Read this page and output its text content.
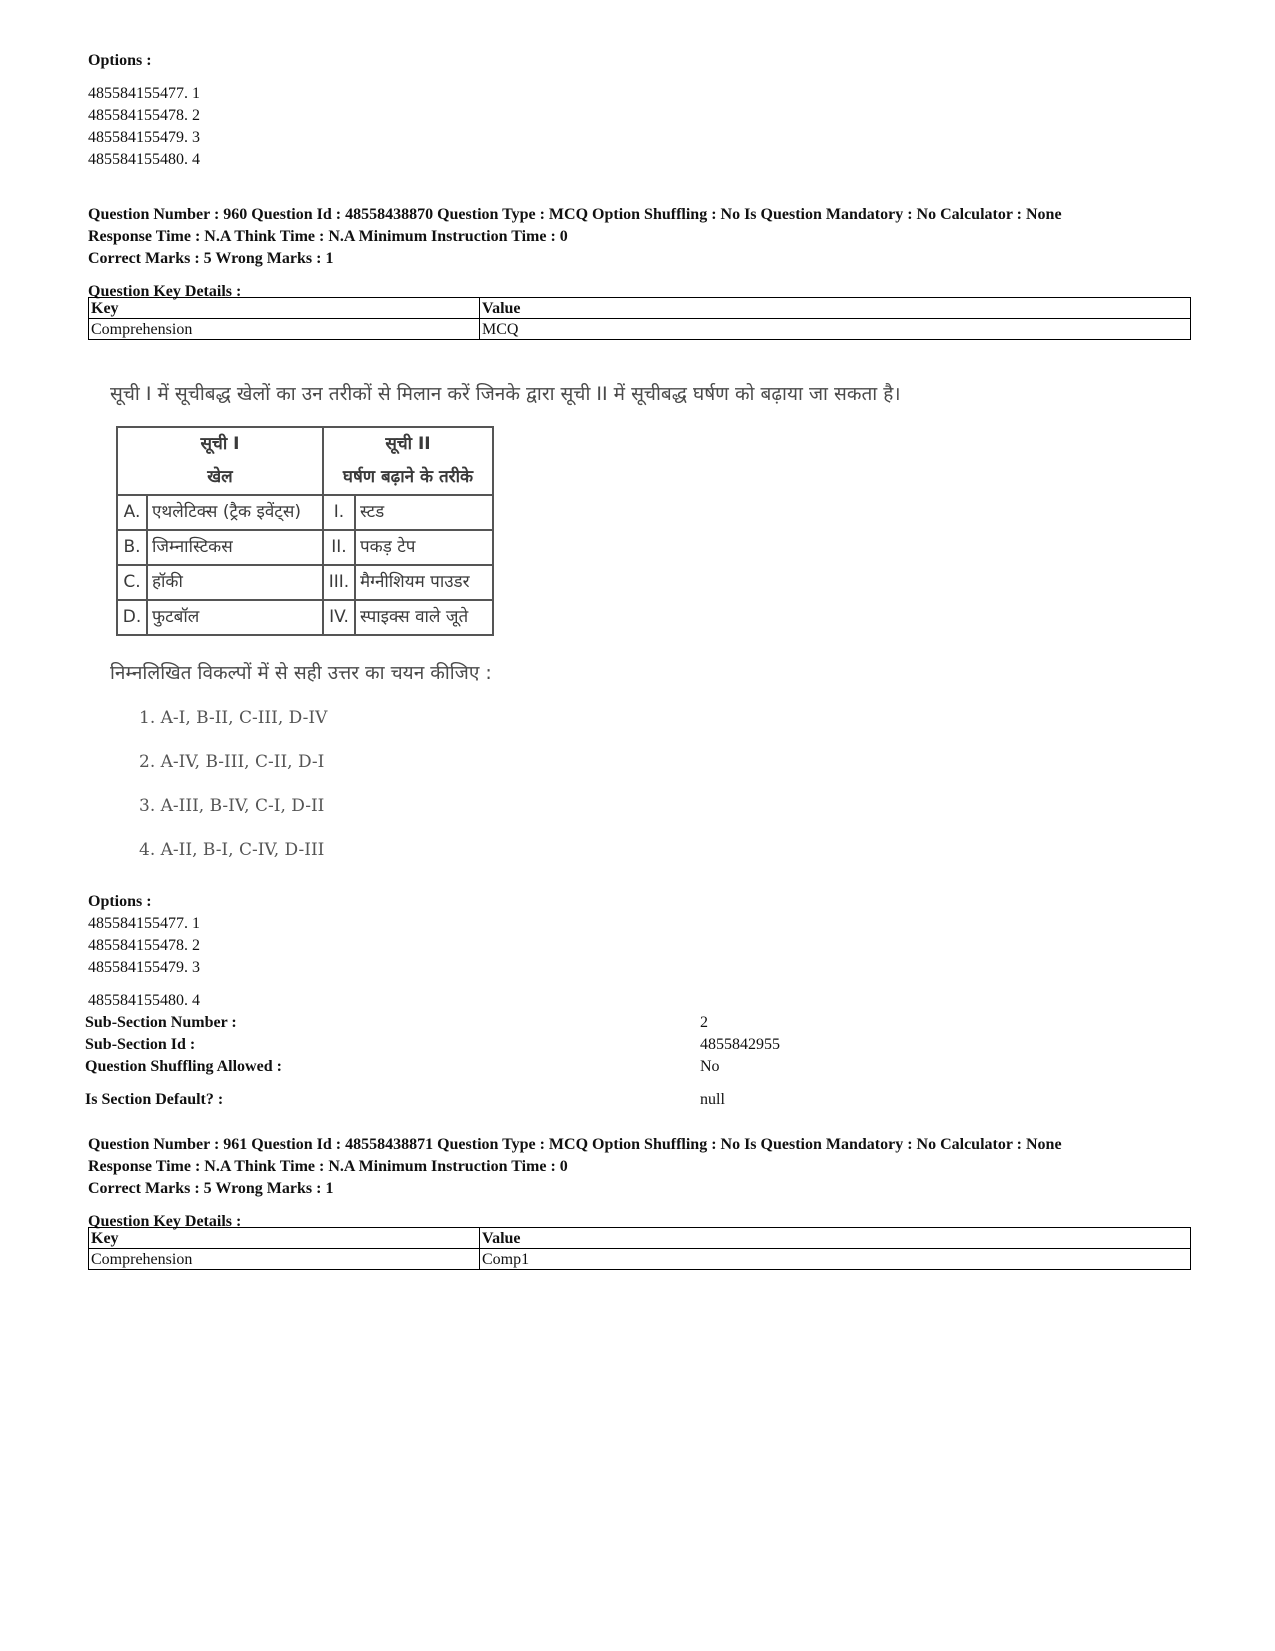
Options :
485584155477. 1
485584155478. 2
485584155479. 3
485584155480. 4
Question Number : 960 Question Id : 48558438870 Question Type : MCQ Option Shuffling : No Is Question Mandatory : No Calculator : None
Response Time : N.A Think Time : N.A Minimum Instruction Time : 0
Correct Marks : 5 Wrong Marks : 1
Question Key Details :
Key	Value
Comprehension	MCQ
सूची I में सूचीबद्ध खेलों का उन तरीकों से मिलान करें जिनके द्वारा सूची II में सूचीबद्ध घर्षण को बढ़ाया जा सकता है।
सूची I		सूची II	
खेल		घर्षण बढ़ाने के तरीके	
A.	एथलेटिक्स (ट्रैक इवेंट्स)	I.	स्टड
B.	जिम्नास्टिकस	II.	पकड़ टेप
C.	हॉकी	III.	मैग्नीशियम पाउडर
D.	फुटबॉल	IV.	स्पाइक्स वाले जूते
निम्नलिखित विकल्पों में से सही उत्तर का चयन कीजिए :
1. A-I, B-II, C-III, D-IV
2. A-IV, B-III, C-II, D-I
3. A-III, B-IV, C-I, D-II
4. A-II, B-I, C-IV, D-III
Options :
485584155477. 1
485584155478. 2
485584155479. 3
485584155480. 4
Sub-Section Number :	2
Sub-Section Id :	4855842955
Question Shuffling Allowed :	No
Is Section Default? :	null
Question Number : 961 Question Id : 48558438871 Question Type : MCQ Option Shuffling : No Is Question Mandatory : No Calculator : None
Response Time : N.A Think Time : N.A Minimum Instruction Time : 0
Correct Marks : 5 Wrong Marks : 1
Question Key Details :
Key	Value
Comprehension	Comp1
